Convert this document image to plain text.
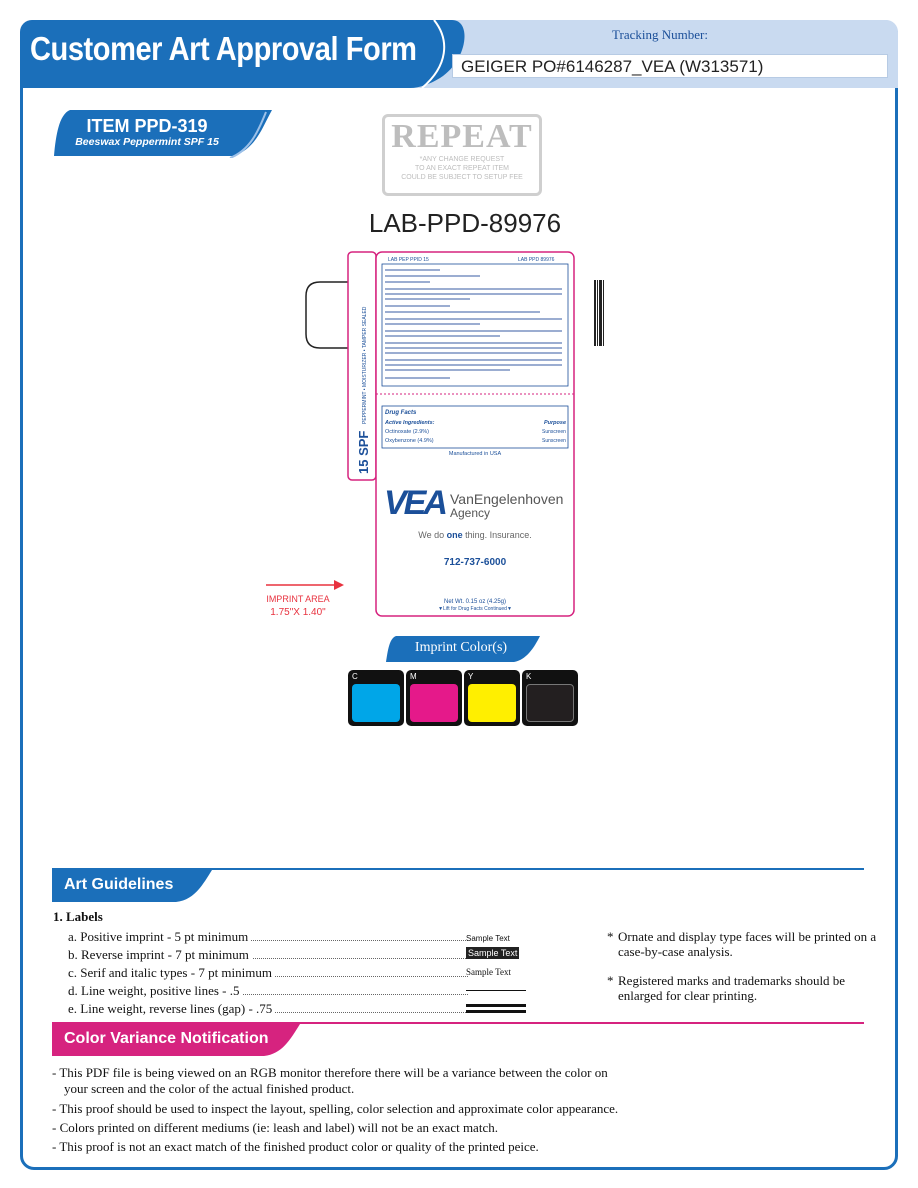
Customer Art Approval Form	Tracking Number:
GEIGER PO#6146287_VEA (W313571)
ITEM PPD-319
Beeswax Peppermint SPF 15	REPEAT
*ANY CHANGE REQUEST
TO AN EXACT REPEAT ITEM
COULD BE SUBJECT TO SETUP FEE
LAB-PPD-89976
15 SPF
PEPPERMINT • MOISTURIZER • TAMPER SEALED
LAB PEP PPID 15	LAB PPD 89976
Drug Facts
Active Ingredients:	Purpose
Octinoxate (2.9%)	Sunscreen
Oxybenzone (4.9%)	Sunscreen
Manufactured in USA
VEA VanEngelenhoven
Agency
We do one thing. Insurance.
712-737-6000
Net Wt. 0.15 oz (4.25g)
▼Lift for Drug Facts Continued▼
IMPRINT AREA
1.75"X 1.40"
Imprint Color(s)
C	M	Y	K
Art Guidelines
1. Labels
a. Positive imprint - 5 pt minimum	Sample Text
b. Reverse imprint - 7 pt minimum	Sample Text
c. Serif and italic types - 7 pt minimum	Sample Text
d. Line weight, positive lines - .5
e. Line weight, reverse lines (gap) - .75
* Ornate and display type faces will be printed on a case-by-case analysis.
* Registered marks and trademarks should be enlarged for clear printing.
Color Variance Notification
- This PDF file is being viewed on an RGB monitor therefore there will be a variance between the color on
your screen and the color of the actual finished product.
- This proof should be used to inspect the layout, spelling, color selection and approximate color appearance.
- Colors printed on different mediums (ie: leash and label) will not be an exact match.
- This proof is not an exact match of the finished product color or quality of the printed peice.
